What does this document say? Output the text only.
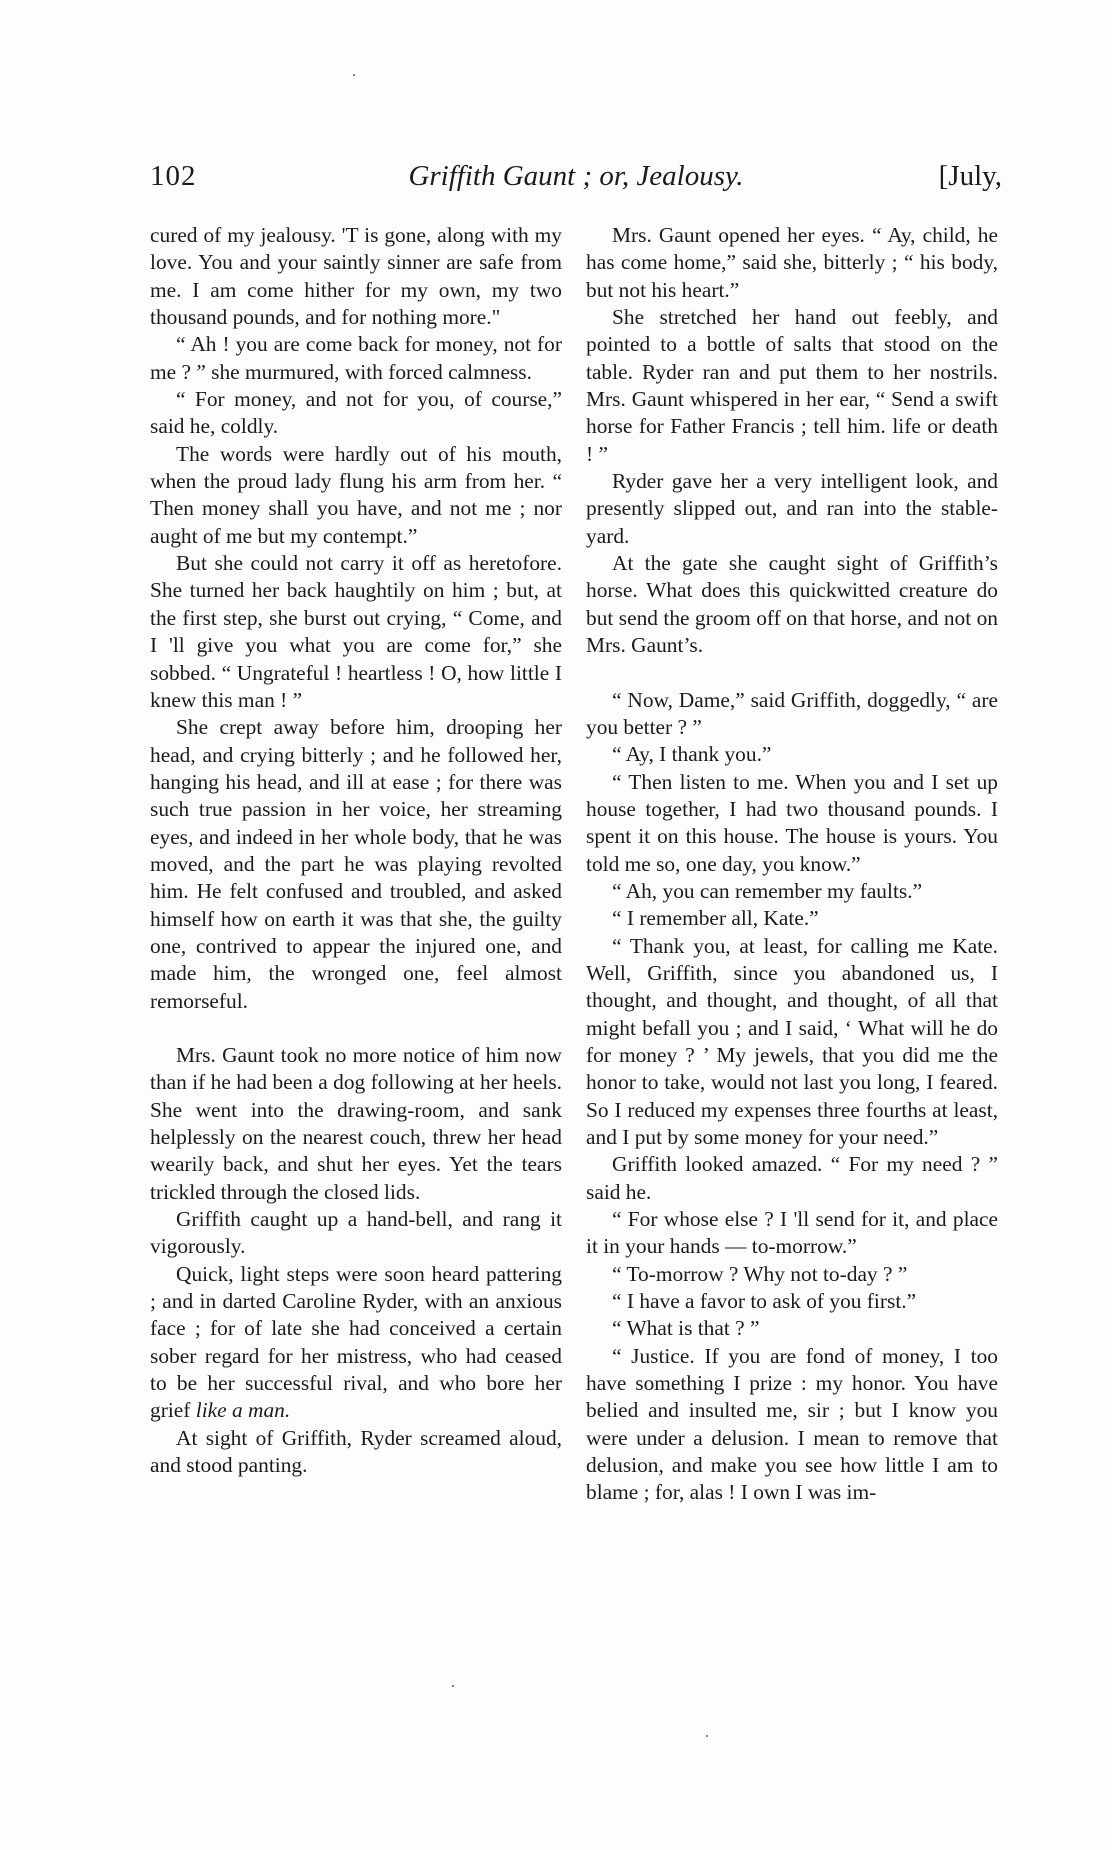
102	Griffith Gaunt ; or, Jealousy.	[July,

cured of my jealousy. 'T is gone, along with my love. You and your saintly sinner are safe from me. I am come hither for my own, my two thousand pounds, and for nothing more."

“ Ah ! you are come back for money, not for me ? ” she murmured, with forced calmness.

“ For money, and not for you, of course,” said he, coldly.

The words were hardly out of his mouth, when the proud lady flung his arm from her. “ Then money shall you have, and not me ; nor aught of me but my contempt.”

But she could not carry it off as heretofore. She turned her back haughtily on him ; but, at the first step, she burst out crying, “ Come, and I 'll give you what you are come for,” she sobbed. “ Ungrateful ! heartless ! O, how little I knew this man ! ”

She crept away before him, drooping her head, and crying bitterly ; and he followed her, hanging his head, and ill at ease ; for there was such true passion in her voice, her streaming eyes, and indeed in her whole body, that he was moved, and the part he was playing revolted him. He felt confused and troubled, and asked himself how on earth it was that she, the guilty one, contrived to appear the injured one, and made him, the wronged one, feel almost remorseful.

Mrs. Gaunt took no more notice of him now than if he had been a dog following at her heels. She went into the drawing-room, and sank helplessly on the nearest couch, threw her head wearily back, and shut her eyes. Yet the tears trickled through the closed lids.

Griffith caught up a hand-bell, and rang it vigorously.

Quick, light steps were soon heard pattering ; and in darted Caroline Ryder, with an anxious face ; for of late she had conceived a certain sober regard for her mistress, who had ceased to be her successful rival, and who bore her grief like a man.

At sight of Griffith, Ryder screamed aloud, and stood panting.

Mrs. Gaunt opened her eyes. “ Ay, child, he has come home,” said she, bitterly ; “ his body, but not his heart.”

She stretched her hand out feebly, and pointed to a bottle of salts that stood on the table. Ryder ran and put them to her nostrils. Mrs. Gaunt whispered in her ear, “ Send a swift horse for Father Francis ; tell him. life or death ! ”

Ryder gave her a very intelligent look, and presently slipped out, and ran into the stable-yard.

At the gate she caught sight of Griffith’s horse. What does this quickwitted creature do but send the groom off on that horse, and not on Mrs. Gaunt’s.

“ Now, Dame,” said Griffith, doggedly, “ are you better ? ”

“ Ay, I thank you.”

“ Then listen to me. When you and I set up house together, I had two thousand pounds. I spent it on this house. The house is yours. You told me so, one day, you know.”

“ Ah, you can remember my faults.”

“ I remember all, Kate.”

“ Thank you, at least, for calling me Kate. Well, Griffith, since you abandoned us, I thought, and thought, and thought, of all that might befall you ; and I said, ‘ What will he do for money ? ’ My jewels, that you did me the honor to take, would not last you long, I feared. So I reduced my expenses three fourths at least, and I put by some money for your need.”

Griffith looked amazed. “ For my need ? ” said he.

“ For whose else ? I 'll send for it, and place it in your hands — to-morrow.”

“ To-morrow ? Why not to-day ? ”

“ I have a favor to ask of you first.”

“ What is that ? ”

“ Justice. If you are fond of money, I too have something I prize : my honor. You have belied and insulted me, sir ; but I know you were under a delusion. I mean to remove that delusion, and make you see how little I am to blame ; for, alas ! I own I was im-
